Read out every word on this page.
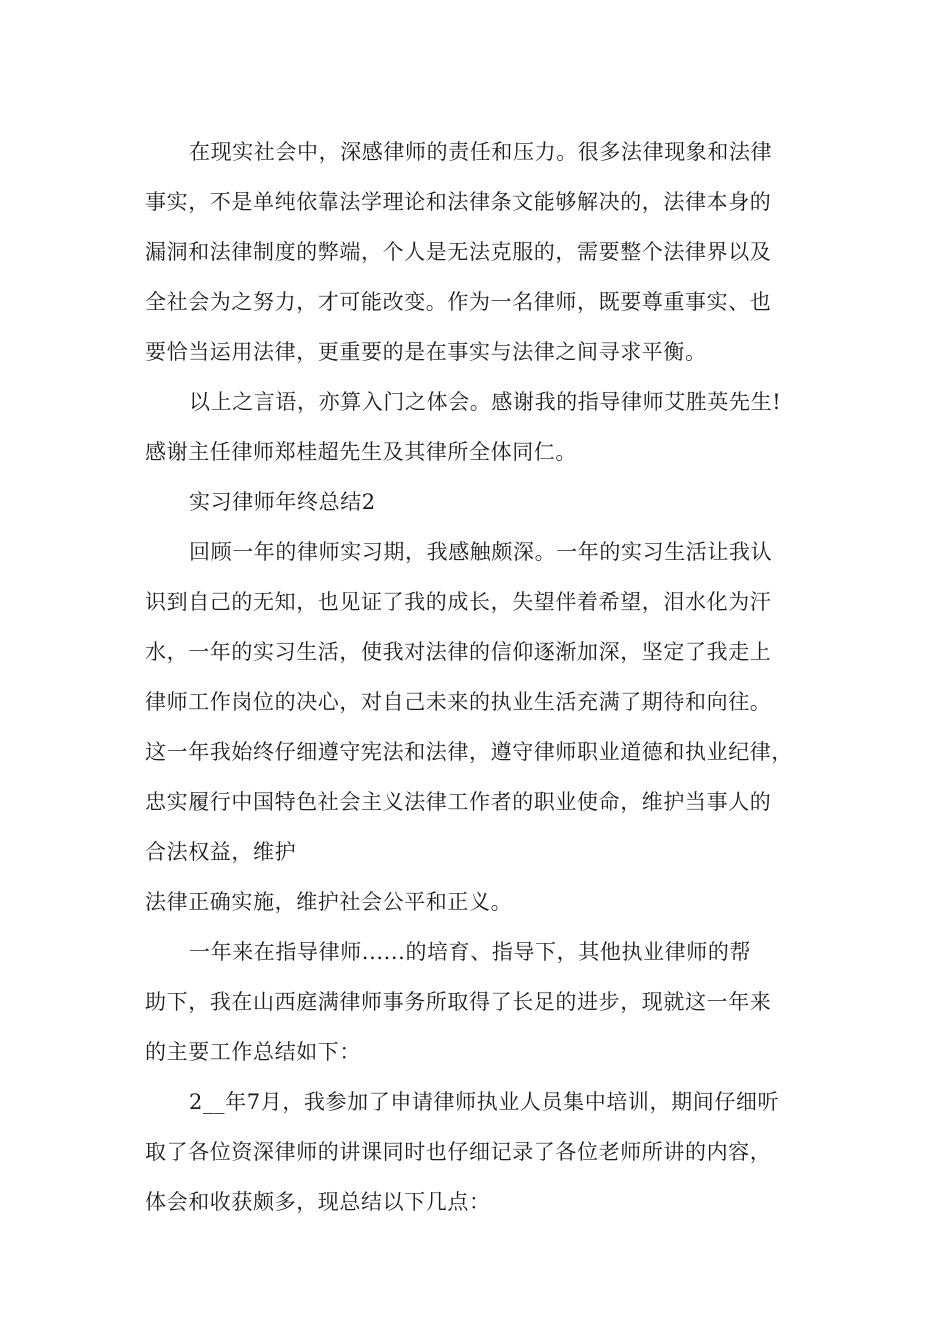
在现实社会中，深感律师的责任和压力。很多法律现象和法律
事实，不是单纯依靠法学理论和法律条文能够解决的，法律本身的
漏洞和法律制度的弊端，个人是无法克服的，需要整个法律界以及
全社会为之努力，才可能改变。作为一名律师，既要尊重事实、也
要恰当运用法律，更重要的是在事实与法律之间寻求平衡。
以上之言语，亦算入门之体会。感谢我的指导律师艾胜英先生!
感谢主任律师郑桂超先生及其律所全体同仁。
实习律师年终总结2
回顾一年的律师实习期，我感触颇深。一年的实习生活让我认
识到自己的无知，也见证了我的成长，失望伴着希望，泪水化为汗
水，一年的实习生活，使我对法律的信仰逐渐加深，坚定了我走上
律师工作岗位的决心，对自己未来的执业生活充满了期待和向往。
这一年我始终仔细遵守宪法和法律，遵守律师职业道德和执业纪律，
忠实履行中国特色社会主义法律工作者的职业使命，维护当事人的
合法权益，维护
法律正确实施，维护社会公平和正义。
一年来在指导律师......的培育、指导下，其他执业律师的帮
助下，我在山西庭满律师事务所取得了长足的进步，现就这一年来
的主要工作总结如下：
2__年7月，我参加了申请律师执业人员集中培训，期间仔细听
取了各位资深律师的讲课同时也仔细记录了各位老师所讲的内容，
体会和收获颇多，现总结以下几点：
